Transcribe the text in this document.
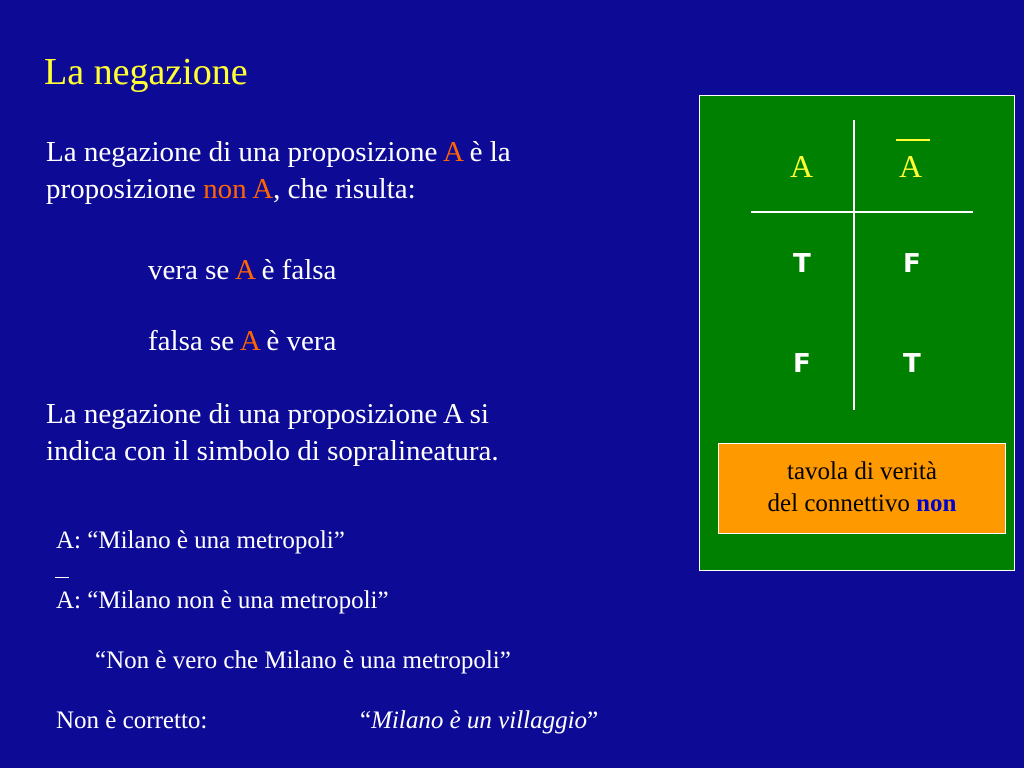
La negazione
La negazione di una proposizione A è la
proposizione non A, che risulta:
vera se A è falsa
falsa se A è vera
La negazione di una proposizione A si
indica con il simbolo di sopralineatura.
A: “Milano è una metropoli”
A: “Milano non è una metropoli”
“Non è vero che Milano è una metropoli”
Non è corretto:	“Milano è un villaggio”
A	A
T	F
F	T
tavola di verità
del connettivo non
